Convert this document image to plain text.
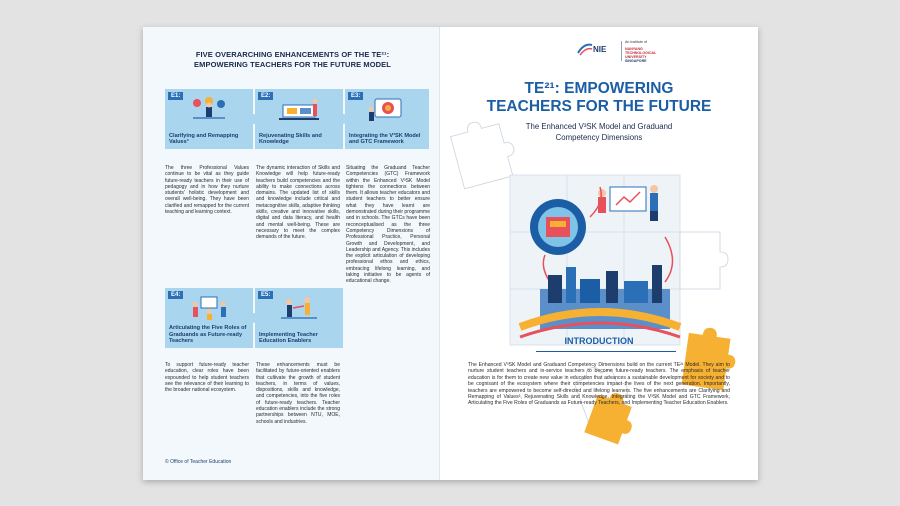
FIVE OVERARCHING ENHANCEMENTS OF THE TE²¹:
EMPOWERING TEACHERS FOR THE FUTURE MODEL
E1:
Clarifying and Remapping Values³
E2:
Rejuvenating Skills and Knowledge
E3:
Integrating the V³SK Model and GTC Framework
The three Professional Values continue to be vital as they guide future-ready teachers in their use of pedagogy and in how they nurture students' holistic development and overall well-being. They have been clarified and remapped for the current teaching and learning context.
The dynamic interaction of Skills and Knowledge will help future-ready teachers build competencies and the ability to make connections across domains. The updated list of skills and knowledge include critical and metacognitive skills, adaptive thinking skills, creative and innovative skills, digital and data literacy, and health and mental well-being. These are necessary to meet the complex demands of the future.
Situating the Graduand Teacher Competencies (GTC) Framework within the Enhanced V³SK Model tightens the connections between them. It allows teacher educators and student teachers to better ensure what they have learnt are demonstrated during their programme and in schools. The GTCs have been reconceptualised as the three Competency Dimensions of Professional Practice, Personal Growth and Development, and Leadership and Agency. This includes the explicit articulation of developing professional ethos and ethics, embracing lifelong learning, and taking initiative to be agents of educational change.
E4:
Articulating the Five Roles of Graduands as Future-ready Teachers
E5:
Implementing Teacher Education Enablers
To support future-ready teacher education, clear roles have been expounded to help student teachers see the relevance of their learning to the broader national ecosystem.
These enhancements must be facilitated by future-oriented enablers that cultivate the growth of student teachers, in terms of values, dispositions, skills and knowledge, and competencies, into the five roles of future-ready teachers. Teacher education enablers include the strong partnerships between NTU, MOE, schools and industries.
© Office of Teacher Education
NIE
An Institute of
NANYANG
TECHNOLOGICAL
UNIVERSITY
SINGAPORE
TE²¹: EMPOWERING
TEACHERS FOR THE FUTURE
The Enhanced V³SK Model and Graduand
Competency Dimensions
INTRODUCTION
The Enhanced V³SK Model and Graduand Competency Dimensions build on the current TE²¹ Model. They aim to nurture student teachers and in-service teachers to become future-ready teachers. The emphasis of teacher education is for them to create new value in education that advances a sustainable development for society and to be cognisant of the ecosystem where their competencies impact the lives of the next generation. Importantly, teachers are empowered to become self-directed and lifelong learners. The five enhancements are Clarifying and Remapping of Values³, Rejuvenating Skills and Knowledge, Integrating the V³SK Model and GTC Framework, Articulating the Five Roles of Graduands as Future-ready Teachers, and Implementing Teacher Education Enablers.
